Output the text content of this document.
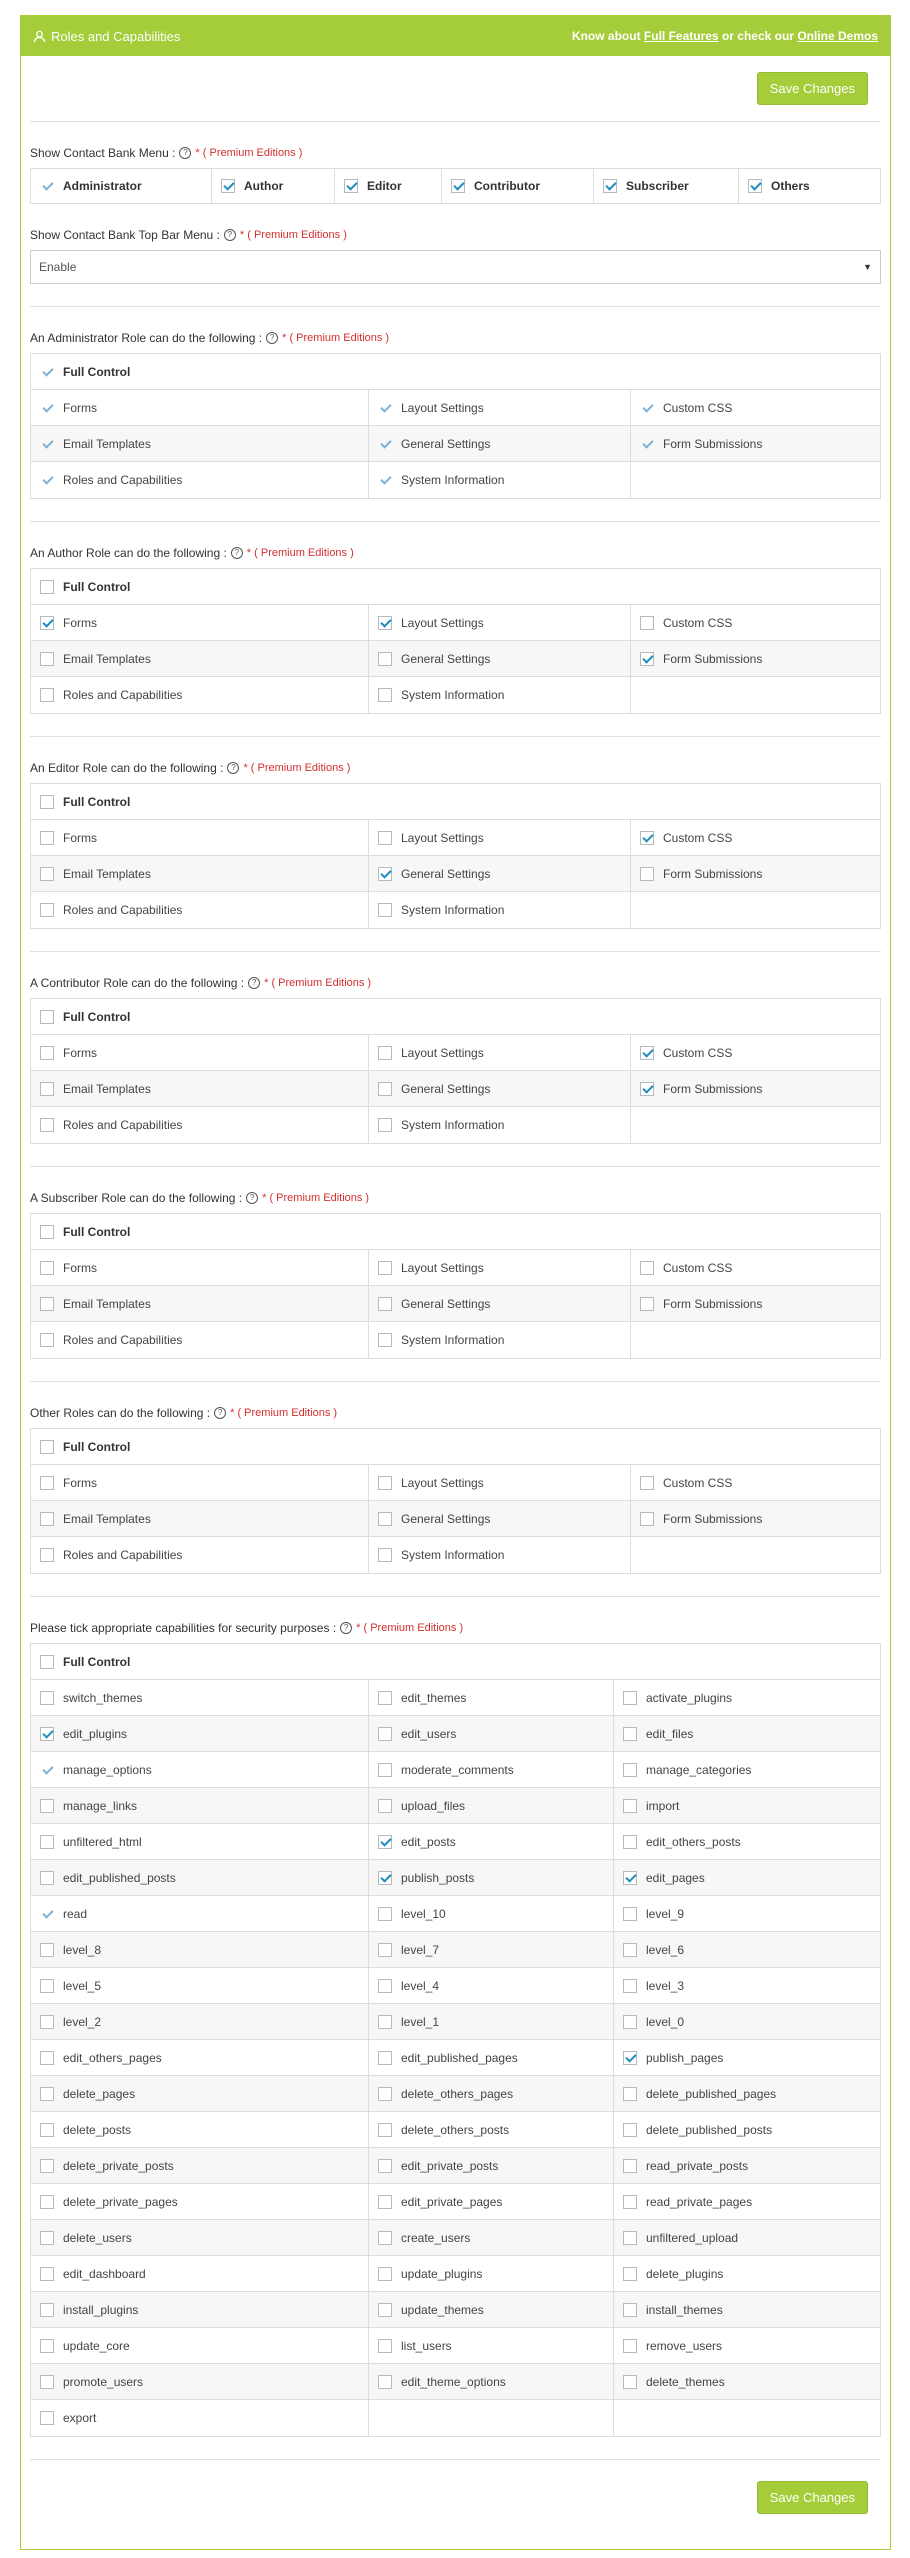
Roles and Capabilities	Know about Full Features or check our Online Demos
Save Changes
Show Contact Bank Menu : ? * ( Premium Editions )
Administrator	Author	Editor	Contributor	Subscriber	Others
Show Contact Bank Top Bar Menu : ? * ( Premium Editions )
Enable	▼
An Administrator Role can do the following : ? * ( Premium Editions )
Full Control
Forms	Layout Settings	Custom CSS
Email Templates	General Settings	Form Submissions
Roles and Capabilities	System Information
An Author Role can do the following : ? * ( Premium Editions )
Full Control
Forms	Layout Settings	Custom CSS
Email Templates	General Settings	Form Submissions
Roles and Capabilities	System Information
An Editor Role can do the following : ? * ( Premium Editions )
Full Control
Forms	Layout Settings	Custom CSS
Email Templates	General Settings	Form Submissions
Roles and Capabilities	System Information
A Contributor Role can do the following : ? * ( Premium Editions )
Full Control
Forms	Layout Settings	Custom CSS
Email Templates	General Settings	Form Submissions
Roles and Capabilities	System Information
A Subscriber Role can do the following : ? * ( Premium Editions )
Full Control
Forms	Layout Settings	Custom CSS
Email Templates	General Settings	Form Submissions
Roles and Capabilities	System Information
Other Roles can do the following : ? * ( Premium Editions )
Full Control
Forms	Layout Settings	Custom CSS
Email Templates	General Settings	Form Submissions
Roles and Capabilities	System Information
Please tick appropriate capabilities for security purposes : ? * ( Premium Editions )
Full Control
switch_themes	edit_themes	activate_plugins
edit_plugins	edit_users	edit_files
manage_options	moderate_comments	manage_categories
manage_links	upload_files	import
unfiltered_html	edit_posts	edit_others_posts
edit_published_posts	publish_posts	edit_pages
read	level_10	level_9
level_8	level_7	level_6
level_5	level_4	level_3
level_2	level_1	level_0
edit_others_pages	edit_published_pages	publish_pages
delete_pages	delete_others_pages	delete_published_pages
delete_posts	delete_others_posts	delete_published_posts
delete_private_posts	edit_private_posts	read_private_posts
delete_private_pages	edit_private_pages	read_private_pages
delete_users	create_users	unfiltered_upload
edit_dashboard	update_plugins	delete_plugins
install_plugins	update_themes	install_themes
update_core	list_users	remove_users
promote_users	edit_theme_options	delete_themes
export
Save Changes
